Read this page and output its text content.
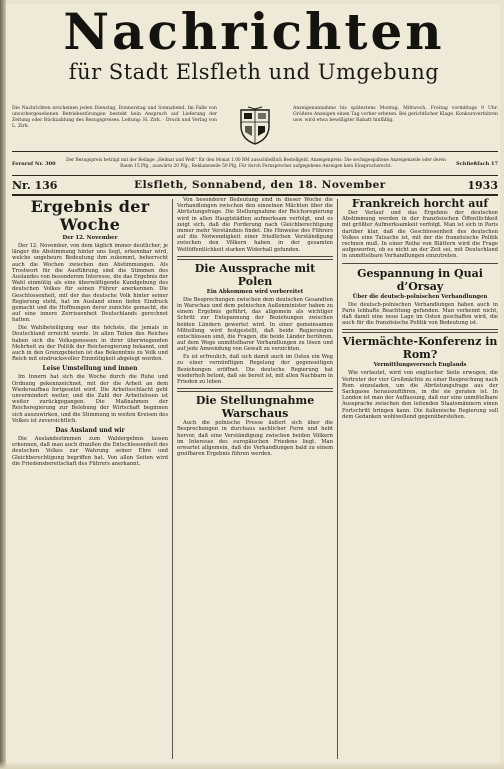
Nachrichten
für Stadt Elsfleth und Umgebung
Die Nachrichten erscheinen jeden Dienstag, Donnerstag und Sonnabend. Im Falle von unvorhergesehenen Betriebsstörungen besteht kein Anspruch auf Lieferung der Zeitung oder Rückzahlung des Bezugspreises. Leitung: H. Zirk. · Druck und Verlag von L. Zirk.
Anzeigenannahme bis spätestens Montag, Mittwoch, Freitag vormittags 9 Uhr. Größere Anzeigen einen Tag vorher erbeten. Bei gerichtlicher Klage, Konkursverfahren usw. wird etwa bewilligter Rabatt hinfällig.
Fernruf Nr. 300	Der Bezugspreis beträgt mit der Beilage „Heimat und Welt“ für den Monat 1.00 RM ausschließlich Bestellgeld. Anzeigenpreis: Die sechsgespaltene Anzeigenzeile oder deren Raum 15 Pfg., auswärts 20 Pfg., Reklamezeile 50 Pfg. Für durch Fernsprecher aufgegebene Anzeigen kein Einspruchsrecht.	Schließfach 17
Nr. 136	Elsfleth, Sonnabend, den 18. November	1933
Ergebnis der Woche
Der 12. November

Der 12. November, von dem täglich immer deutlicher, je länger die Abstimmung hinter uns liegt, erkennbar wird, welche ungeheure Bedeutung ihm zukommt, beherrscht auch die Wochen zwischen den Abstimmungen. Als Trostwort für die Ausführung sind die Stimmen des Auslandes von besonderem Interesse, die das Ergebnis der Wahl einmütig als eine überwältigende Kundgebung des deutschen Volkes für seinen Führer anerkennen. Die Geschlossenheit, mit der das deutsche Volk hinter seiner Regierung steht, hat im Ausland einen tiefen Eindruck gemacht und die Hoffnungen derer zunichte gemacht, die auf eine innere Zerrissenheit Deutschlands gerechnet hatten.

Die Wahlbeteiligung war die höchste, die jemals in Deutschland erreicht wurde. In allen Teilen des Reiches haben sich die Volksgenossen in ihrer überwiegenden Mehrheit zu der Politik der Reichsregierung bekannt, und auch in den Grenzgebieten ist das Bekenntnis zu Volk und Reich mit eindrucksvoller Einmütigkeit abgelegt worden.

Leise Umstellung und innen

Im Innern hat sich die Woche durch die Ruhe und Ordnung gekennzeichnet, mit der die Arbeit an dem Wiederaufbau fortgesetzt wird. Die Arbeitsschlacht geht unvermindert weiter, und die Zahl der Arbeitslosen ist weiter zurückgegangen. Die Maßnahmen der Reichsregierung zur Belebung der Wirtschaft beginnen sich auszuwirken, und die Stimmung in weiten Kreisen des Volkes ist zuversichtlich.

Das Ausland und wir

Die Auslandsstimmen zum Wahlergebnis lassen erkennen, daß man auch draußen die Entschlossenheit des deutschen Volkes zur Wahrung seiner Ehre und Gleichberechtigung begriffen hat. Von allen Seiten wird die Friedensbereitschaft des Führers anerkannt.

Von besonderer Bedeutung sind in dieser Woche die Verhandlungen zwischen den einzelnen Mächten über die Abrüstungsfrage. Die Stellungnahme der Reichsregierung wird in allen Hauptstädten aufmerksam verfolgt, und es zeigt sich, daß die Forderung nach Gleichberechtigung immer mehr Verständnis findet. Die Hinweise des Führers auf die Notwendigkeit einer friedlichen Verständigung zwischen den Völkern haben in der gesamten Weltöffentlichkeit starken Widerhall gefunden.

Die Aussprache mit Polen
Ein Abkommen wird vorbereitet

Die Besprechungen zwischen dem deutschen Gesandten in Warschau und dem polnischen Außenminister haben zu einem Ergebnis geführt, das allgemein als wichtiger Schritt zur Entspannung der Beziehungen zwischen beiden Ländern gewertet wird. In einer gemeinsamen Mitteilung wird festgestellt, daß beide Regierungen entschlossen sind, die Fragen, die beide Länder berühren, auf dem Wege unmittelbarer Verhandlungen zu lösen und auf jede Anwendung von Gewalt zu verzichten.

Es ist erfreulich, daß sich damit auch im Osten ein Weg zu einer vernünftigen Regelung der gegenseitigen Beziehungen eröffnet. Die deutsche Regierung hat wiederholt betont, daß sie bereit ist, mit allen Nachbarn in Frieden zu leben.

Die Stellungnahme Warschaus

Auch die polnische Presse äußert sich über die Besprechungen in durchaus sachlicher Form und hebt hervor, daß eine Verständigung zwischen beiden Völkern im Interesse des europäischen Friedens liegt. Man erwartet allgemein, daß die Verhandlungen bald zu einem greifbaren Ergebnis führen werden.

Frankreich horcht auf

Der Verlauf und das Ergebnis der deutschen Abstimmung werden in der französischen Öffentlichkeit mit größter Aufmerksamkeit verfolgt. Man ist sich in Paris darüber klar, daß die Geschlossenheit des deutschen Volkes eine Tatsache ist, mit der die französische Politik rechnen muß. In einer Reihe von Blättern wird die Frage aufgeworfen, ob es nicht an der Zeit sei, mit Deutschland in unmittelbare Verhandlungen einzutreten.

Gespannung in Quai d’Orsay
Über die deutsch-polnischen Verhandlungen

Die deutsch-polnischen Verhandlungen haben auch in Paris lebhafte Beachtung gefunden. Man verkennt nicht, daß damit eine neue Lage im Osten geschaffen wird, die auch für die französische Politik von Bedeutung ist.

Viermächte-Konferenz in Rom?
Vermittlungsversuch Englands

Wie verlautet, wird von englischer Seite erwogen, die Vertreter der vier Großmächte zu einer Besprechung nach Rom einzuladen, um die Abrüstungsfrage aus der Sackgasse herauszuführen, in die sie geraten ist. In London ist man der Auffassung, daß nur eine unmittelbare Aussprache zwischen den leitenden Staatsmännern einen Fortschritt bringen kann. Die italienische Regierung soll dem Gedanken wohlwollend gegenüberstehen.
